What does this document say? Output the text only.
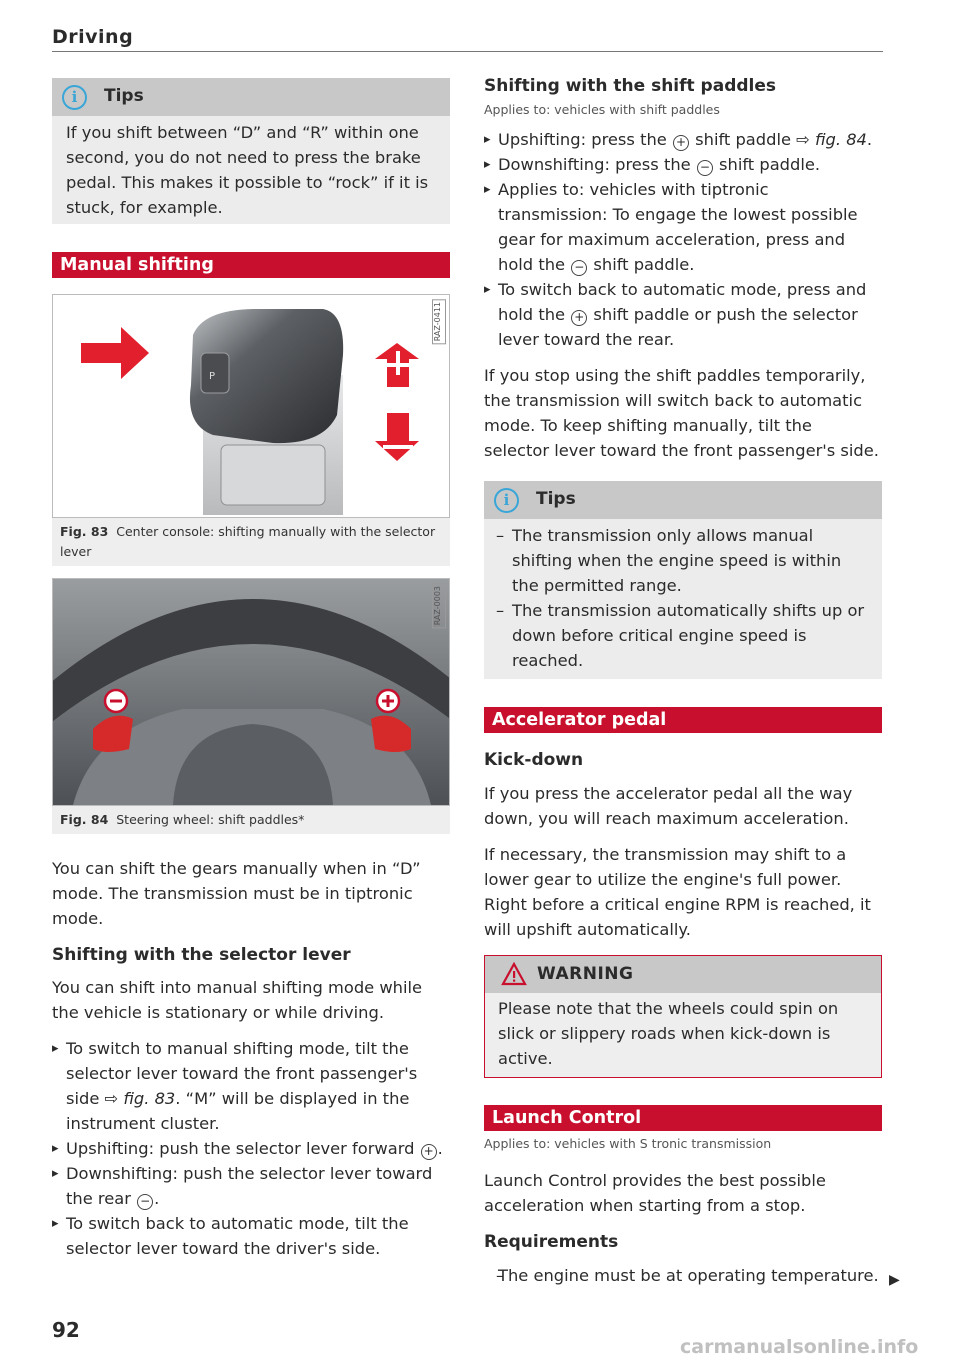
Driving
i	Tips

If you shift between “D” and “R” within one second, you do not need to press the brake pedal. This makes it possible to “rock” if it is stuck, for example.

Manual shifting
P
RAZ-0411
Fig. 83 Center console: shifting manually with the selector lever
RAZ-0003
Fig. 84 Steering wheel: shift paddles*

You can shift the gears manually when in “D” mode. The transmission must be in tiptronic mode.

Shifting with the selector lever

You can shift into manual shifting mode while the vehicle is stationary or while driving.

▸ To switch to manual shifting mode, tilt the selector lever toward the front passenger's side ⇨ fig. 83. “M” will be displayed in the instrument cluster.
▸ Upshifting: push the selector lever forward + .
▸ Downshifting: push the selector lever toward the rear − .
▸ To switch back to automatic mode, tilt the selector lever toward the driver's side.
Shifting with the shift paddles
Applies to: vehicles with shift paddles
▸ Upshifting: press the + shift paddle ⇨ fig. 84.
▸ Downshifting: press the − shift paddle.
▸ Applies to: vehicles with tiptronic transmission: To engage the lowest possible gear for maximum acceleration, press and hold the − shift paddle.
▸ To switch back to automatic mode, press and hold the + shift paddle or push the selector lever toward the rear.

If you stop using the shift paddles temporarily, the transmission will switch back to automatic mode. To keep shifting manually, tilt the selector lever toward the front passenger's side.

i	Tips
– The transmission only allows manual shifting when the engine speed is within the permitted range.
– The transmission automatically shifts up or down before critical engine speed is reached.
Accelerator pedal
Kick-down

If you press the accelerator pedal all the way down, you will reach maximum acceleration.

If necessary, the transmission may shift to a lower gear to utilize the engine's full power. Right before a critical engine RPM is reached, it will upshift automatically.

WARNING

Please note that the wheels could spin on slick or slippery roads when kick-down is active.

Launch Control
Applies to: vehicles with S tronic transmission

Launch Control provides the best possible acceleration when starting from a stop.

Requirements
– The engine must be at operating temperature. ▶
92
carmanualsonline.info
